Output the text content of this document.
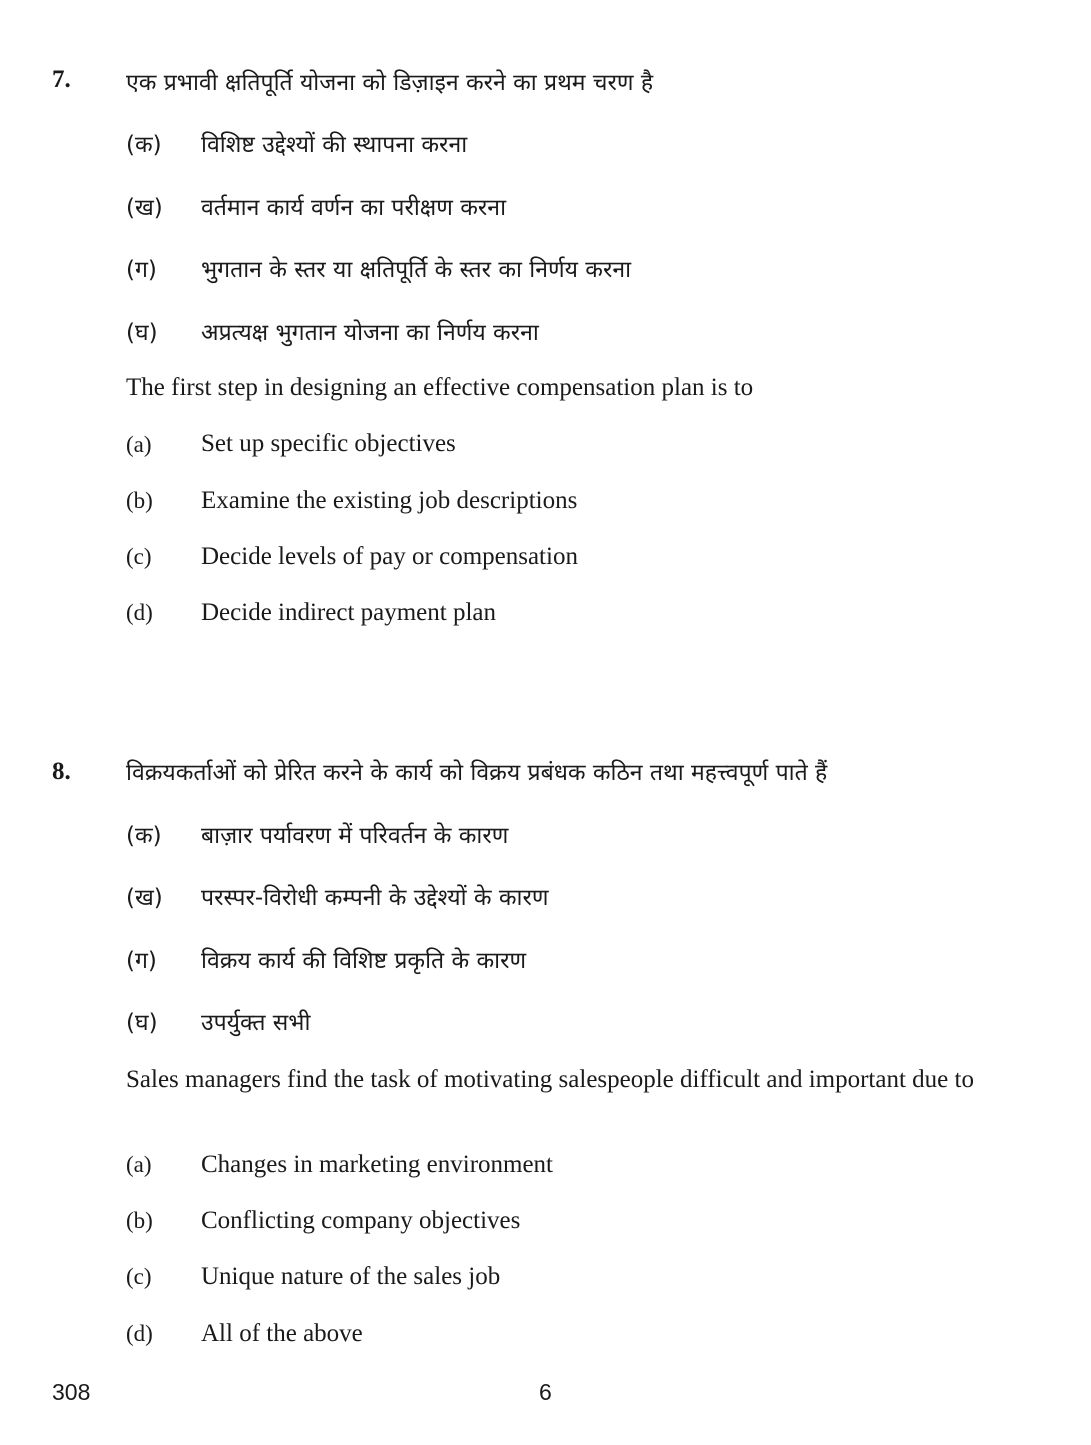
7. एक प्रभावी क्षतिपूर्ति योजना को डिज़ाइन करने का प्रथम चरण है
(क) विशिष्ट उद्देश्यों की स्थापना करना
(ख) वर्तमान कार्य वर्णन का परीक्षण करना
(ग) भुगतान के स्तर या क्षतिपूर्ति के स्तर का निर्णय करना
(घ) अप्रत्यक्ष भुगतान योजना का निर्णय करना
The first step in designing an effective compensation plan is to
(a) Set up specific objectives
(b) Examine the existing job descriptions
(c) Decide levels of pay or compensation
(d) Decide indirect payment plan
8. विक्रयकर्ताओं को प्रेरित करने के कार्य को विक्रय प्रबंधक कठिन तथा महत्त्वपूर्ण पाते हैं
(क) बाज़ार पर्यावरण में परिवर्तन के कारण
(ख) परस्पर-विरोधी कम्पनी के उद्देश्यों के कारण
(ग) विक्रय कार्य की विशिष्ट प्रकृति के कारण
(घ) उपर्युक्त सभी
Sales managers find the task of motivating salespeople difficult and important due to
(a) Changes in marketing environment
(b) Conflicting company objectives
(c) Unique nature of the sales job
(d) All of the above
308	6
